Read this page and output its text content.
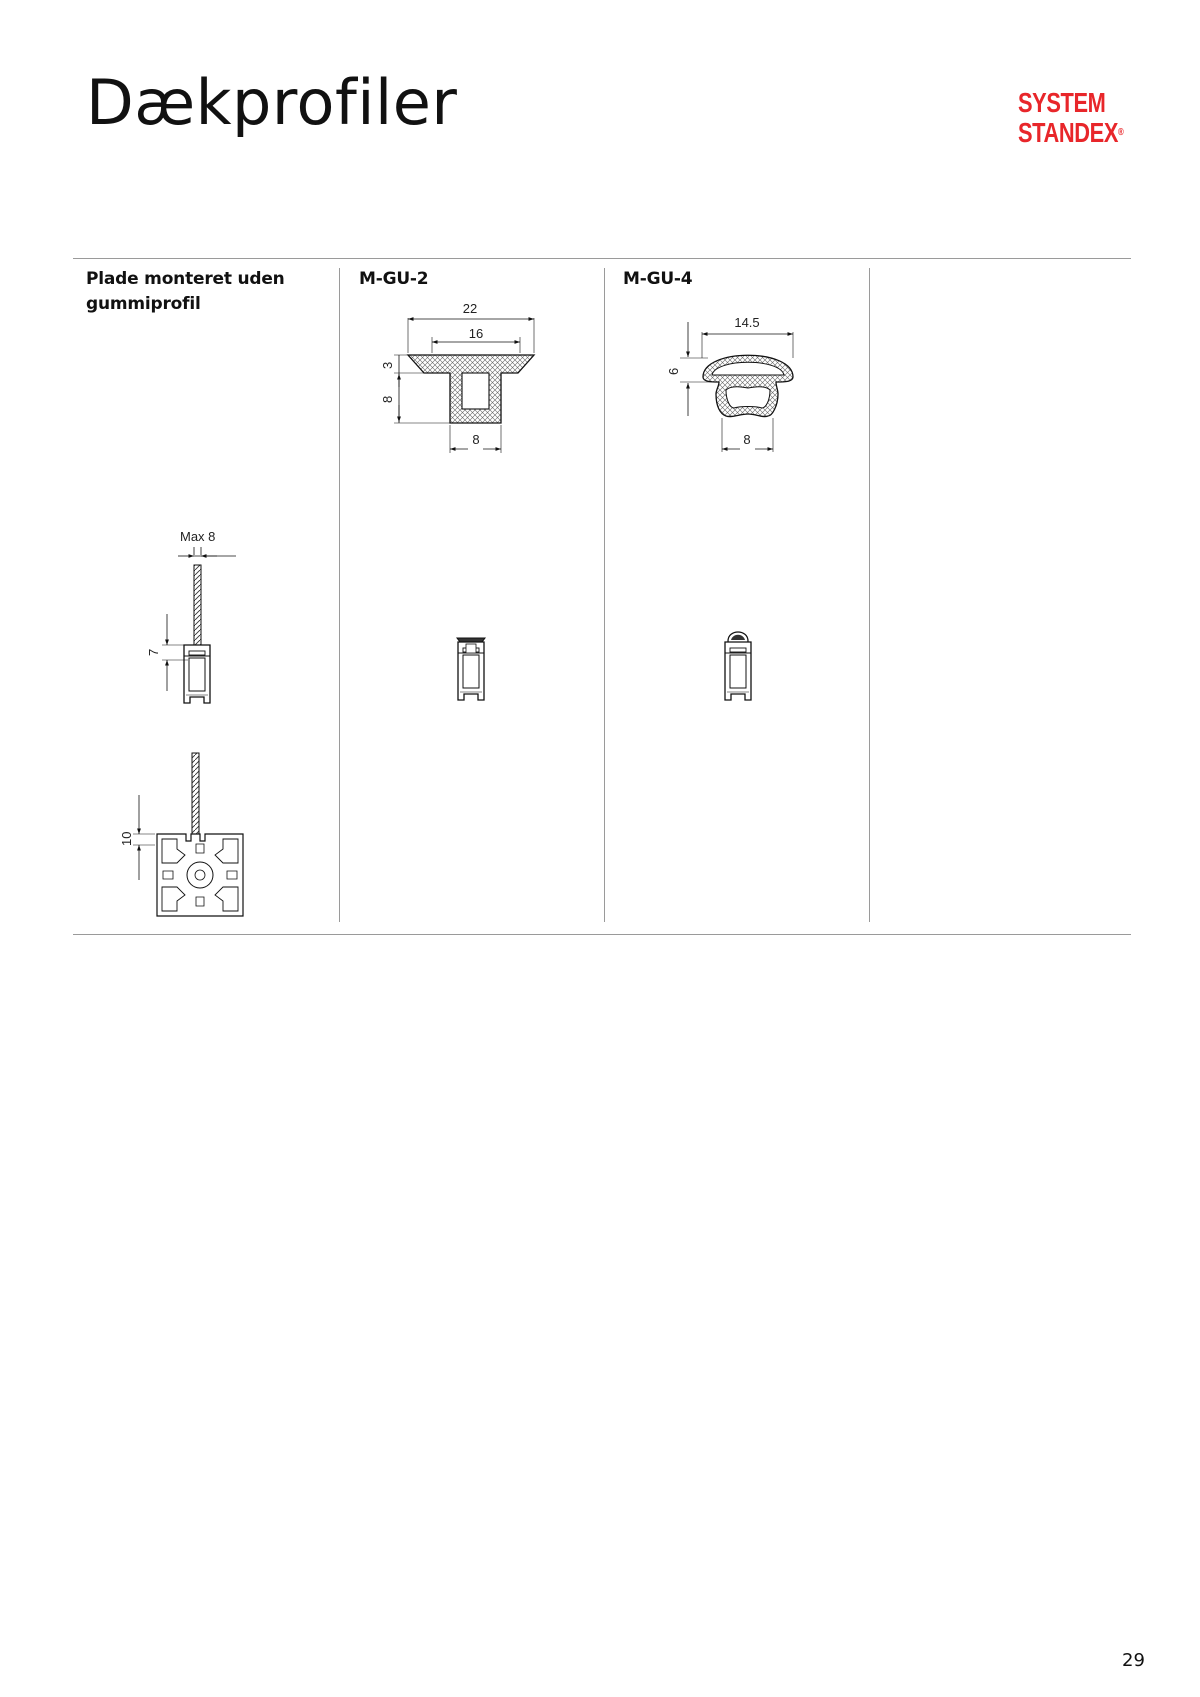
Dækprofiler	SYSTEM
STANDEX®

Plade monteret uden gummiprofil

M-GU-2	M-GU-4

Max 8
7
10
22
16
3
8
8
14.5
6
8
29
